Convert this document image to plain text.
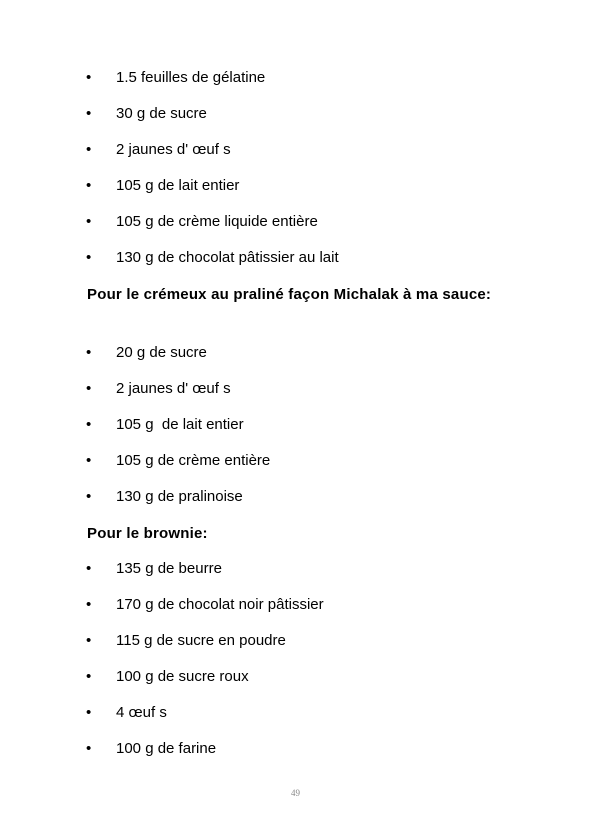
•	1.5 feuilles de gélatine
•	30 g de sucre
•	2 jaunes d' œuf s
•	105 g de lait entier
•	105 g de crème liquide entière
•	130 g de chocolat pâtissier au lait
Pour le crémeux au praliné façon Michalak à ma sauce:
•	20 g de sucre
•	2 jaunes d' œuf s
•	105 g  de lait entier
•	105 g de crème entière
•	130 g de pralinoise
Pour le brownie:
•	135 g de beurre
•	170 g de chocolat noir pâtissier
•	115 g de sucre en poudre
•	100 g de sucre roux
•	4 œuf s
•	100 g de farine
49
